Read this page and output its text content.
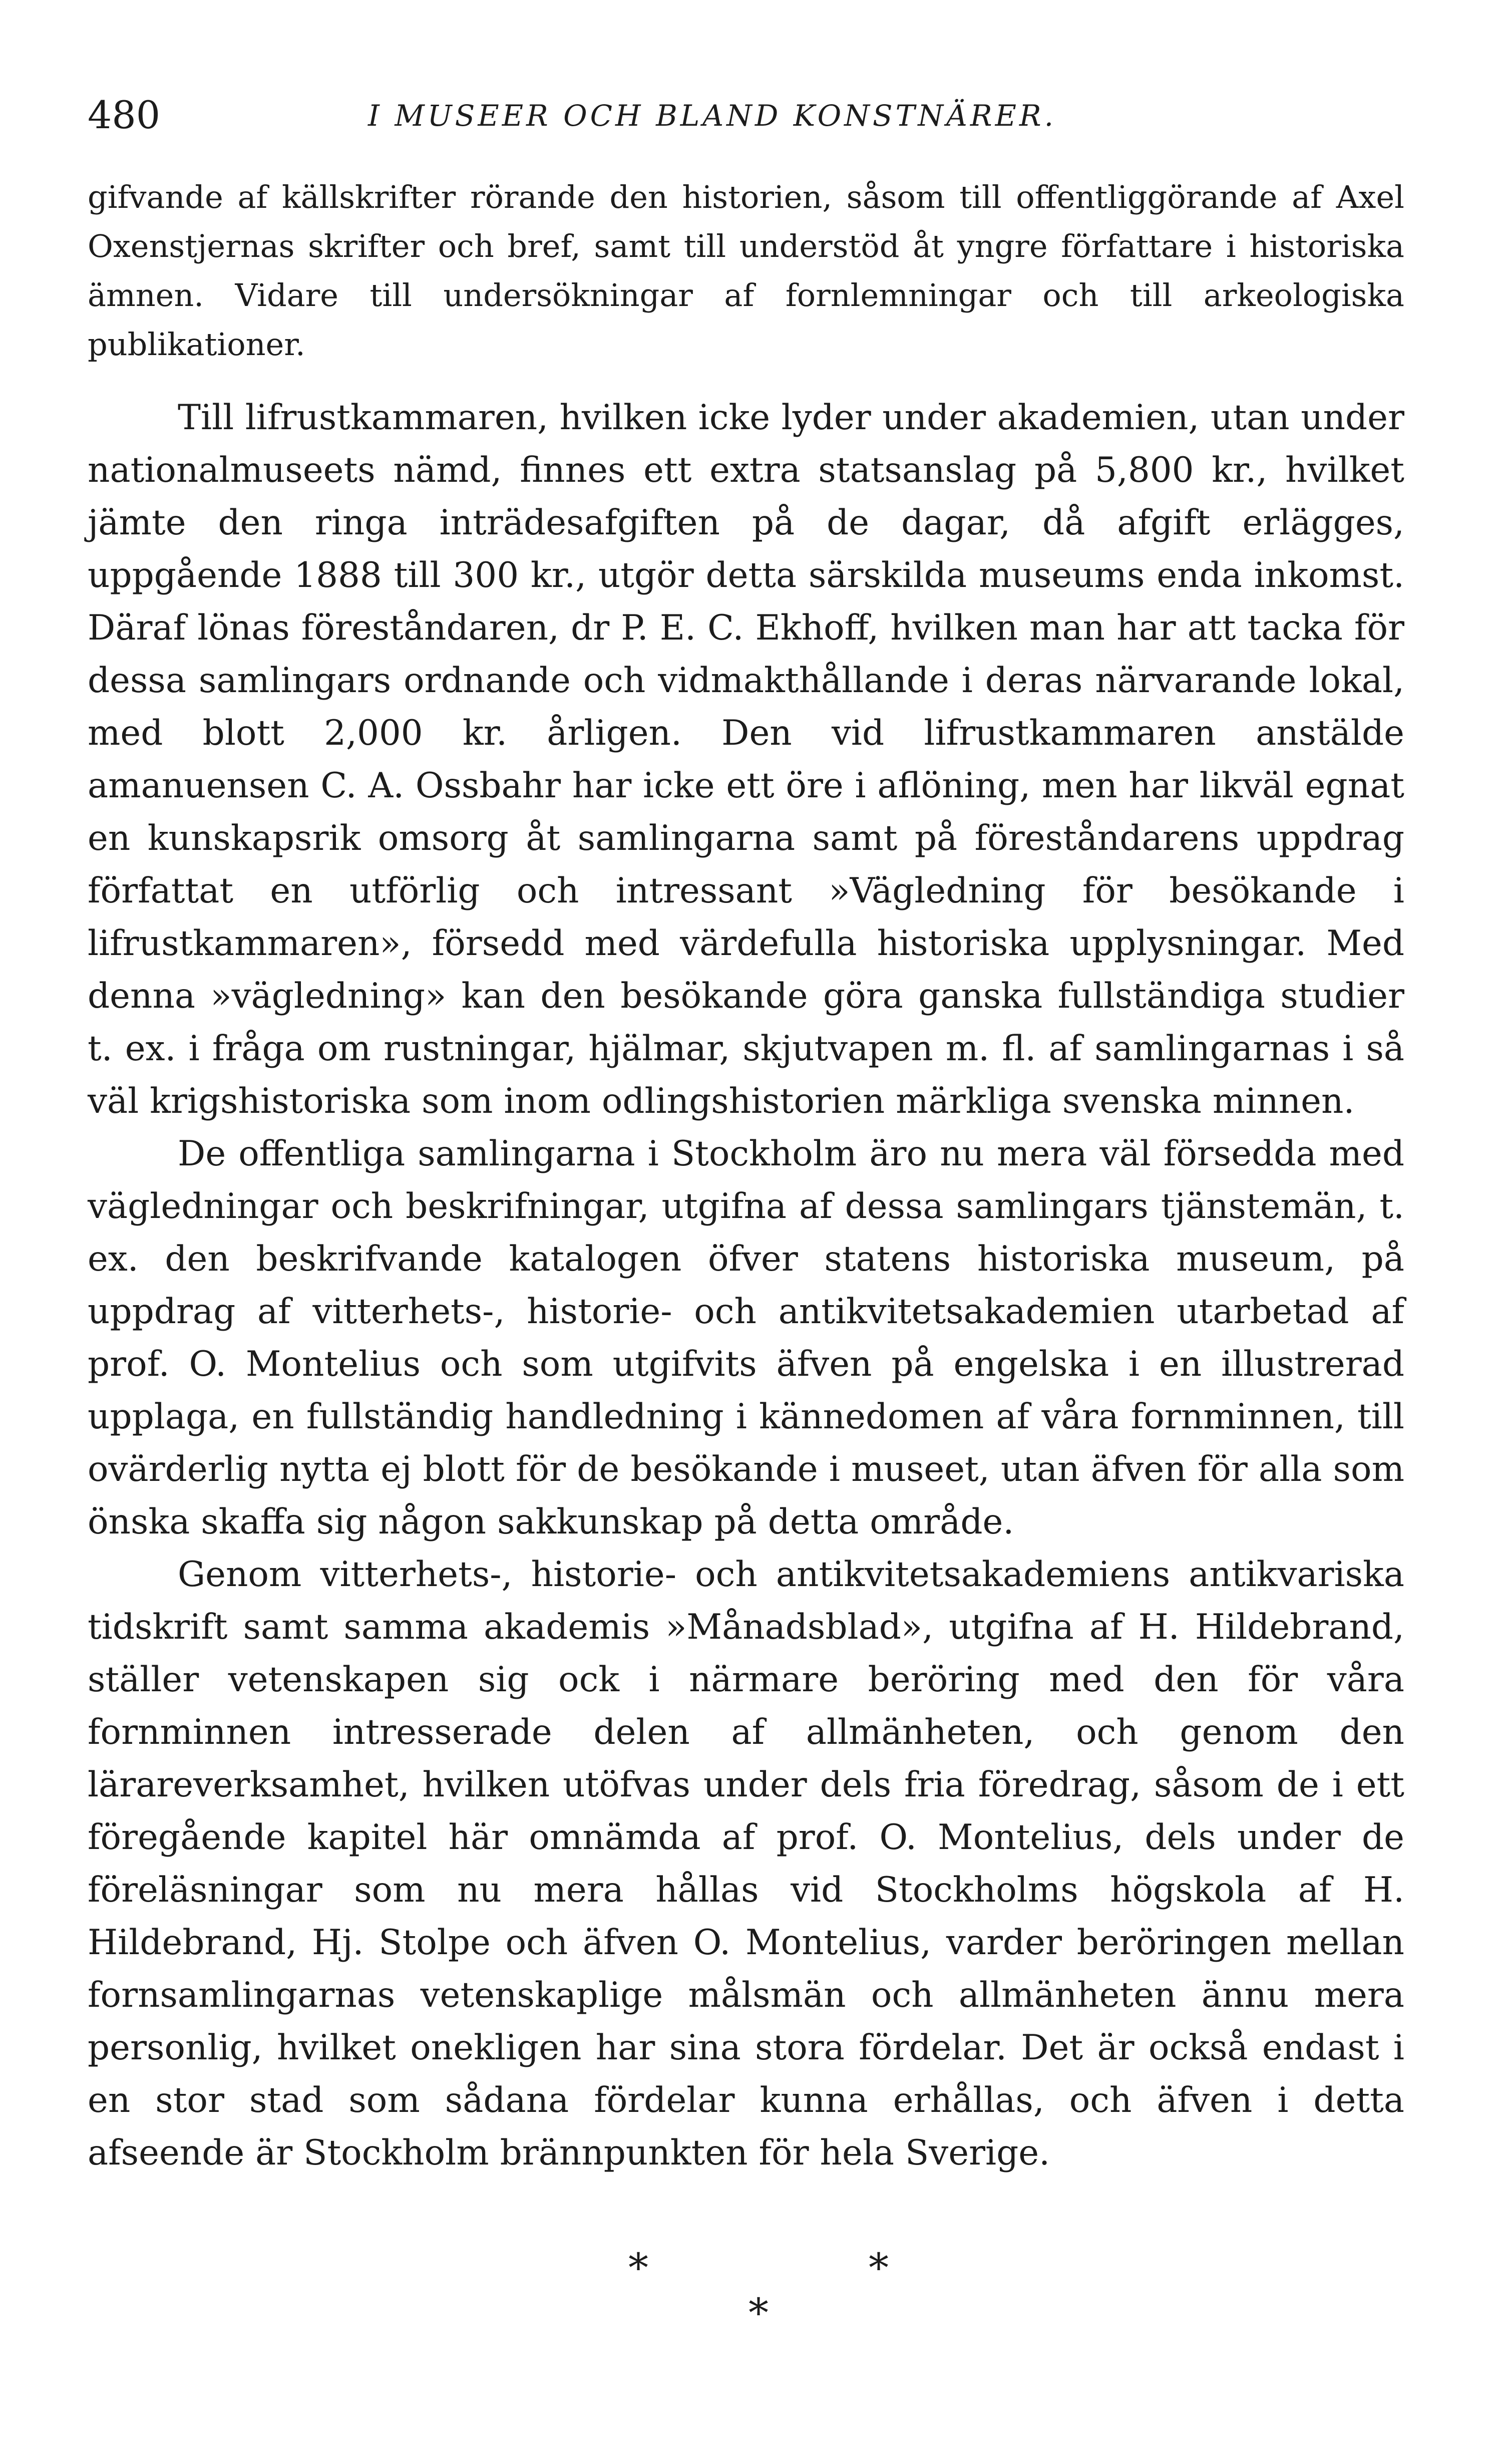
480	I MUSEER OCH BLAND KONSTNÄRER.

gifvande af källskrifter rörande den historien, såsom till offentliggörande af Axel Oxenstjernas skrifter och bref, samt till understöd åt yngre författare i historiska ämnen. Vidare till undersökningar af fornlemningar och till arkeologiska publikationer.

Till lifrustkammaren, hvilken icke lyder under akademien, utan under nationalmuseets nämd, finnes ett extra statsanslag på 5,800 kr., hvilket jämte den ringa inträdesafgiften på de dagar, då afgift erlägges, uppgående 1888 till 300 kr., utgör detta särskilda museums enda inkomst. Däraf lönas föreståndaren, dr P. E. C. Ekhoff, hvilken man har att tacka för dessa samlingars ordnande och vidmakthållande i deras närvarande lokal, med blott 2,000 kr. årligen. Den vid lifrustkammaren anstälde amanuensen C. A. Ossbahr har icke ett öre i aflöning, men har likväl egnat en kunskapsrik omsorg åt samlingarna samt på föreståndarens uppdrag författat en utförlig och intressant »Vägledning för besökande i lifrustkammaren», försedd med värdefulla historiska upplysningar. Med denna »vägledning» kan den besökande göra ganska fullständiga studier t. ex. i fråga om rustningar, hjälmar, skjutvapen m. fl. af samlingarnas i så väl krigshistoriska som inom odlingshistorien märkliga svenska minnen.

De offentliga samlingarna i Stockholm äro nu mera väl försedda med vägledningar och beskrifningar, utgifna af dessa samlingars tjänstemän, t. ex. den beskrifvande katalogen öfver statens historiska museum, på uppdrag af vitterhets-, historie- och antikvitetsakademien utarbetad af prof. O. Montelius och som utgifvits äfven på engelska i en illustrerad upplaga, en fullständig handledning i kännedomen af våra fornminnen, till ovärderlig nytta ej blott för de besökande i museet, utan äfven för alla som önska skaffa sig någon sakkunskap på detta område.

Genom vitterhets-, historie- och antikvitetsakademiens antikvariska tidskrift samt samma akademis »Månadsblad», utgifna af H. Hildebrand, ställer vetenskapen sig ock i närmare beröring med den för våra fornminnen intresserade delen af allmänheten, och genom den lärareverksamhet, hvilken utöfvas under dels fria föredrag, såsom de i ett föregående kapitel här omnämda af prof. O. Montelius, dels under de föreläsningar som nu mera hållas vid Stockholms högskola af H. Hildebrand, Hj. Stolpe och äfven O. Montelius, varder beröringen mellan fornsamlingarnas vetenskaplige målsmän och allmänheten ännu mera personlig, hvilket onekligen har sina stora fördelar. Det är också endast i en stor stad som sådana fördelar kunna erhållas, och äfven i detta afseende är Stockholm brännpunkten för hela Sverige.

*	*
*
